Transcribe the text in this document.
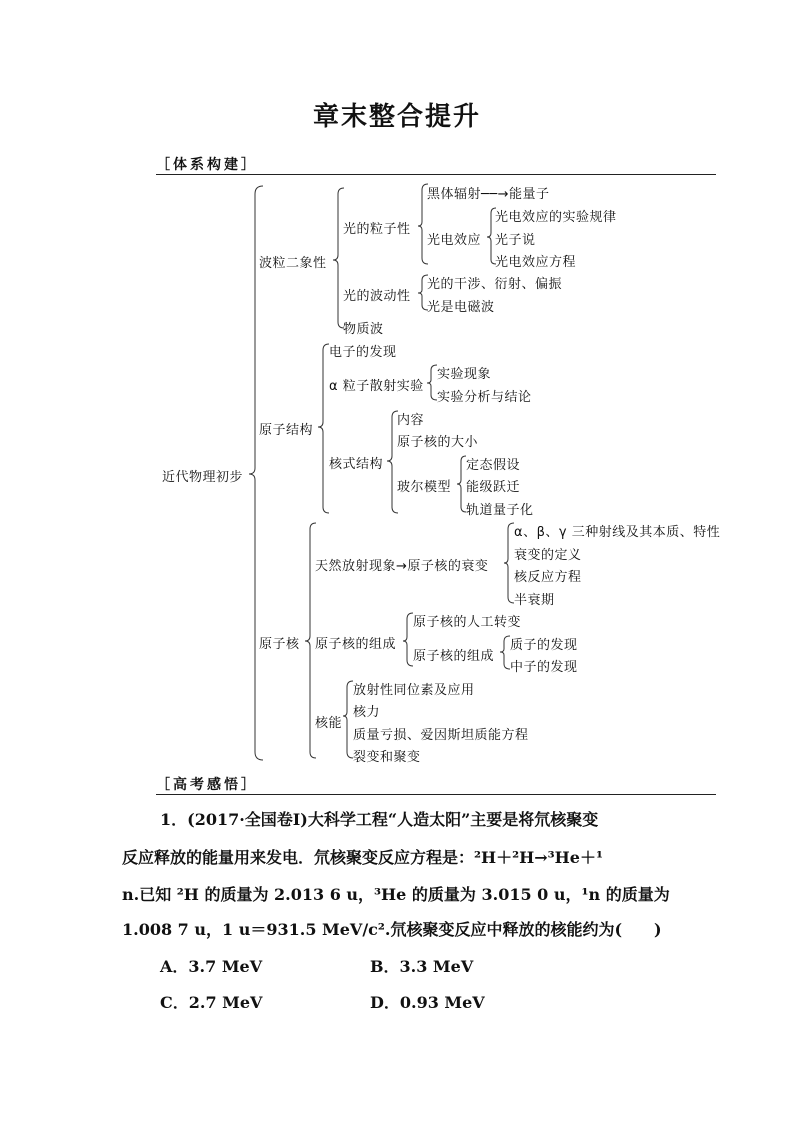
章末整合提升
［体系构建］
近代物理初步
波粒二象性
光的粒子性
黑体辐射──→能量子
光电效应
光电效应的实验规律
光子说
光电效应方程
光的波动性
光的干涉、衍射、偏振
光是电磁波
物质波
原子结构
电子的发现
α 粒子散射实验
实验现象
实验分析与结论
核式结构
内容
原子核的大小
玻尔模型
定态假设
能级跃迁
轨道量子化
原子核
天然放射现象→原子核的衰变
α、β、γ 三种射线及其本质、特性
衰变的定义
核反应方程
半衰期
原子核的组成
原子核的人工转变
原子核的组成
质子的发现
中子的发现
核能
放射性同位素及应用
核力
质量亏损、爱因斯坦质能方程
裂变和聚变
［高考感悟］
1．(2017·全国卷Ⅰ)大科学工程“人造太阳”主要是将氘核聚变
反应释放的能量用来发电．氘核聚变反应方程是：²H＋²H→³He＋¹
n.已知 ²H 的质量为 2.013 6 u，³He 的质量为 3.015 0 u，¹n 的质量为
1.008 7 u，1 u＝931.5 MeV/c².氘核聚变反应中释放的核能约为(　　)
A．3.7 MeV	B．3.3 MeV
C．2.7 MeV	D．0.93 MeV
